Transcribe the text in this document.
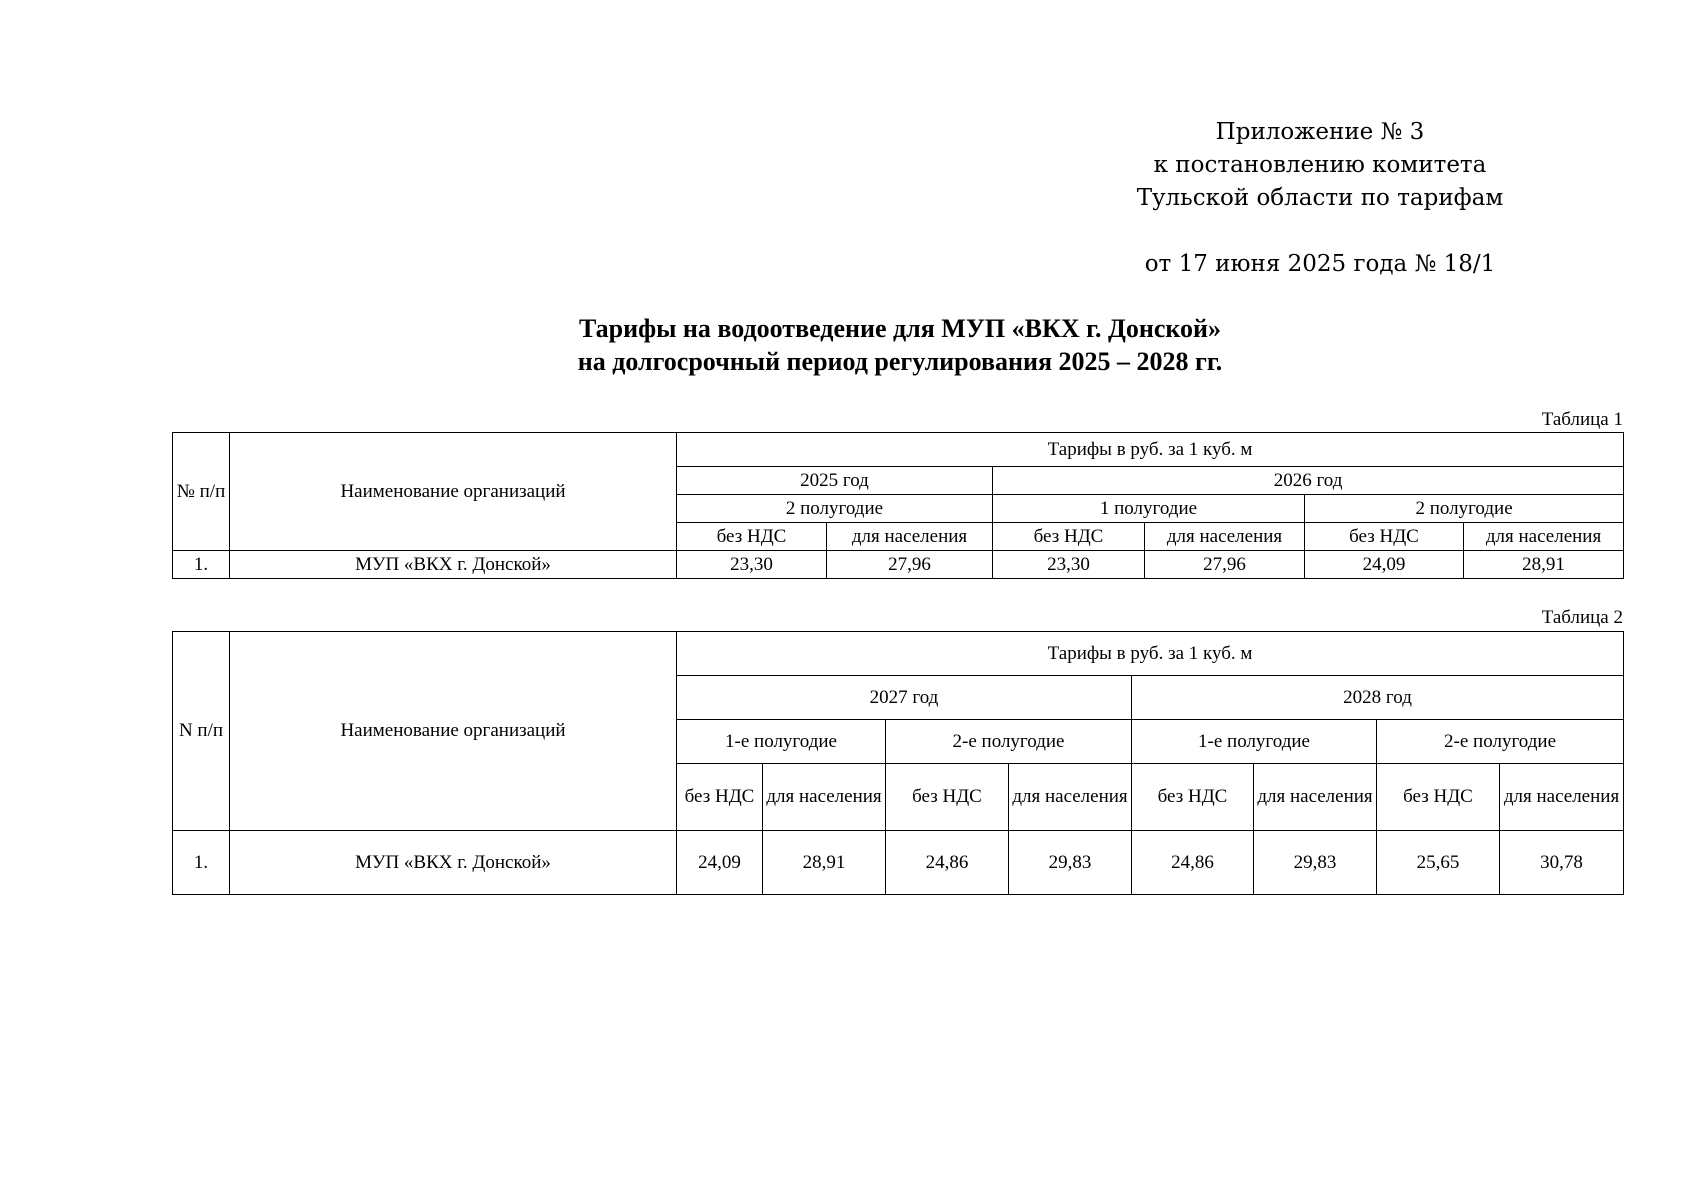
Приложение № 3
к постановлению комитета
Тульской области по тарифам
от 17 июня 2025 года № 18/1
Тарифы на водоотведение для МУП «ВКХ г. Донской»
на долгосрочный период регулирования 2025 – 2028 гг.
Таблица 1
№ п/п	Наименование организаций	Тарифы в руб. за 1 куб. м					
		2025 год		2026 год			
		2 полугодие		1 полугодие		2 полугодие	
		без НДС	для населения	без НДС	для населения	без НДС	для населения
1.	МУП «ВКХ г. Донской»	23,30	27,96	23,30	27,96	24,09	28,91
Таблица 2
N п/п	Наименование организаций	Тарифы в руб. за 1 куб. м							
		2027 год				2028 год			
		1-е полугодие		2-е полугодие		1-е полугодие		2-е полугодие	
		без НДС	для населения	без НДС	для населения	без НДС	для населения	без НДС	для населения
1.	МУП «ВКХ г. Донской»	24,09	28,91	24,86	29,83	24,86	29,83	25,65	30,78
